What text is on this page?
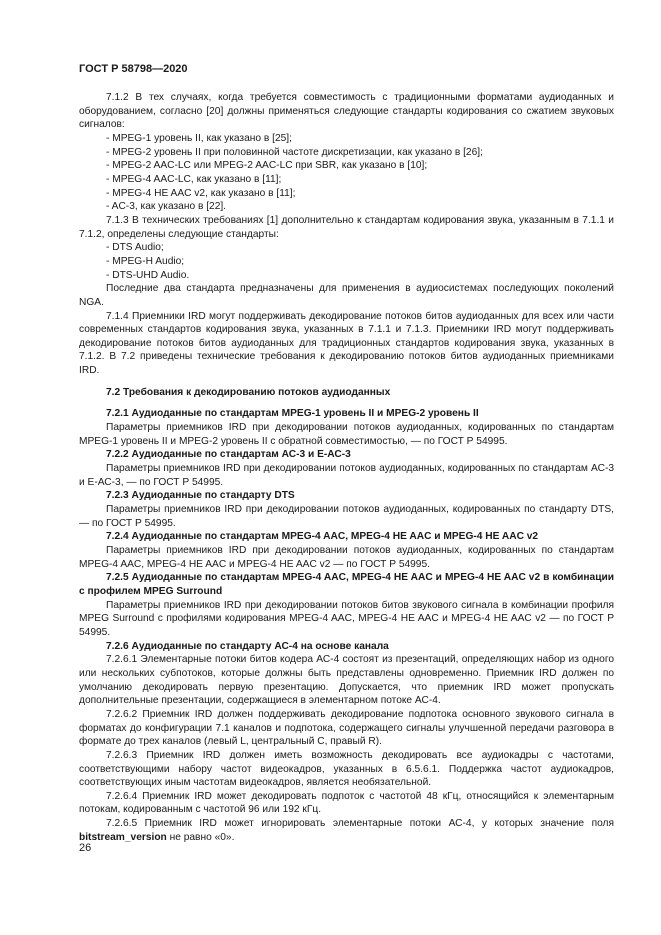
ГОСТ Р 58798—2020

7.1.2 В тех случаях, когда требуется совместимость с традиционными форматами аудиоданных и оборудованием, согласно [20] должны применяться следующие стандарты кодирования со сжатием звуковых сигналов:

- MPEG-1 уровень II, как указано в [25];

- MPEG-2 уровень II при половинной частоте дискретизации, как указано в [26];

- MPEG-2 AAC-LC или MPEG-2 AAC-LC при SBR, как указано в [10];

- MPEG-4 AAC-LC, как указано в [11];

- MPEG-4 HE AAC v2, как указано в [11];

- AC-3, как указано в [22].

7.1.3 В технических требованиях [1] дополнительно к стандартам кодирования звука, указанным в 7.1.1 и 7.1.2, определены следующие стандарты:

- DTS Audio;

- MPEG-H Audio;

- DTS-UHD Audio.

Последние два стандарта предназначены для применения в аудиосистемах последующих поколений NGA.

7.1.4 Приемники IRD могут поддерживать декодирование потоков битов аудиоданных для всех или части современных стандартов кодирования звука, указанных в 7.1.1 и 7.1.3. Приемники IRD могут поддерживать декодирование потоков битов аудиоданных для традиционных стандартов кодирования звука, указанных в 7.1.2. В 7.2 приведены технические требования к декодированию потоков битов аудиоданных приемниками IRD.

7.2 Требования к декодированию потоков аудиоданных

7.2.1 Аудиоданные по стандартам MPEG-1 уровень II и MPEG-2 уровень II

Параметры приемников IRD при декодировании потоков аудиоданных, кодированных по стандартам MPEG-1 уровень II и MPEG-2 уровень II с обратной совместимостью, — по ГОСТ Р 54995.

7.2.2 Аудиоданные по стандартам АС-3 и Е-АС-3

Параметры приемников IRD при декодировании потоков аудиоданных, кодированных по стандартам АС-3 и Е-АС-3, — по ГОСТ Р 54995.

7.2.3 Аудиоданные по стандарту DTS

Параметры приемников IRD при декодировании потоков аудиоданных, кодированных по стандарту DTS, — по ГОСТ Р 54995.

7.2.4 Аудиоданные по стандартам MPEG-4 AAC, MPEG-4 HE AAC и MPEG-4 HE AAC v2

Параметры приемников IRD при декодировании потоков аудиоданных, кодированных по стандартам MPEG-4 AAC, MPEG-4 HE AAC и MPEG-4 HE AAC v2 — по ГОСТ Р 54995.

7.2.5 Аудиоданные по стандартам MPEG-4 AAC, MPEG-4 HE AAC и MPEG-4 HE AAC v2 в комбинации с профилем MPEG Surround

Параметры приемников IRD при декодировании потоков битов звукового сигнала в комбинации профиля MPEG Surround с профилями кодирования MPEG-4 AAC, MPEG-4 HE AAC и MPEG-4 HE AAC v2 — по ГОСТ Р 54995.

7.2.6 Аудиоданные по стандарту АС-4 на основе канала

7.2.6.1 Элементарные потоки битов кодера АС-4 состоят из презентаций, определяющих набор из одного или нескольких субпотоков, которые должны быть представлены одновременно. Приемник IRD должен по умолчанию декодировать первую презентацию. Допускается, что приемник IRD может пропускать дополнительные презентации, содержащиеся в элементарном потоке АС-4.

7.2.6.2 Приемник IRD должен поддерживать декодирование подпотока основного звукового сигнала в форматах до конфигурации 7.1 каналов и подпотока, содержащего сигналы улучшенной передачи разговора в формате до трех каналов (левый L, центральный С, правый R).

7.2.6.3 Приемник IRD должен иметь возможность декодировать все аудиокадры с частотами, соответствующими набору частот видеокадров, указанных в 6.5.6.1. Поддержка частот аудиокадров, соответствующих иным частотам видеокадров, является необязательной.

7.2.6.4 Приемник IRD может декодировать подпоток с частотой 48 кГц, относящийся к элементарным потокам, кодированным с частотой 96 или 192 кГц.

7.2.6.5 Приемник IRD может игнорировать элементарные потоки АС-4, у которых значение поля bitstream_version не равно «0».

26
